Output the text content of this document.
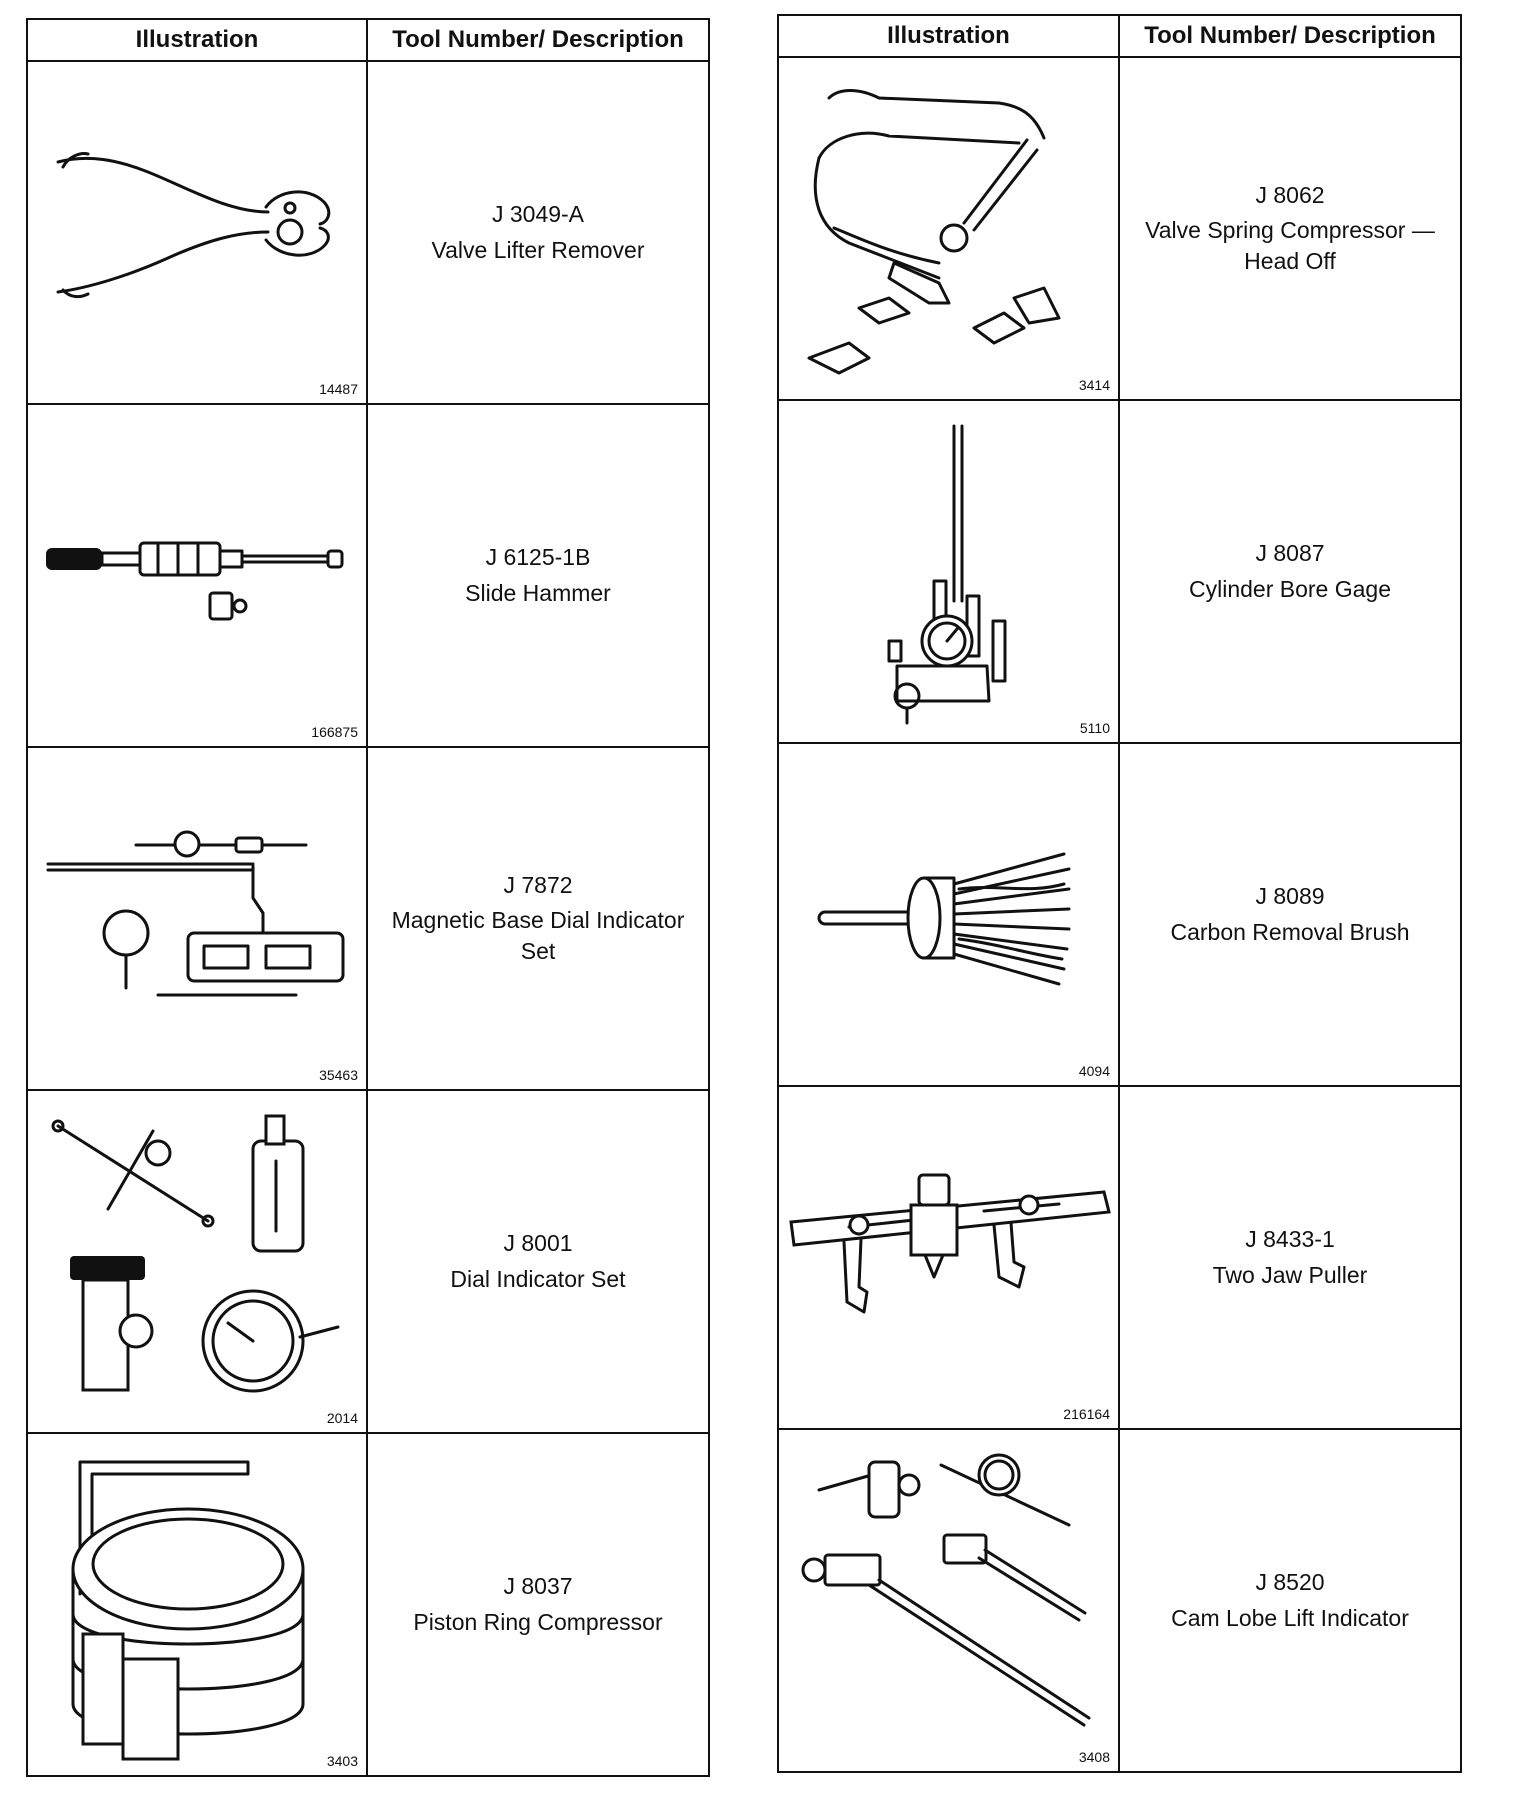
Illustration	Tool Number/ Description

14487	J 3049-A
Valve Lifter Remover

166875	J 6125-1B
Slide Hammer

35463	J 7872
Magnetic Base Dial Indicator Set

2014	J 8001
Dial Indicator Set

3403	J 8037
Piston Ring Compressor
Illustration	Tool Number/ Description

3414	J 8062
Valve Spring Compressor — Head Off

5110	J 8087
Cylinder Bore Gage

4094	J 8089
Carbon Removal Brush

216164	J 8433-1
Two Jaw Puller

3408	J 8520
Cam Lobe Lift Indicator
